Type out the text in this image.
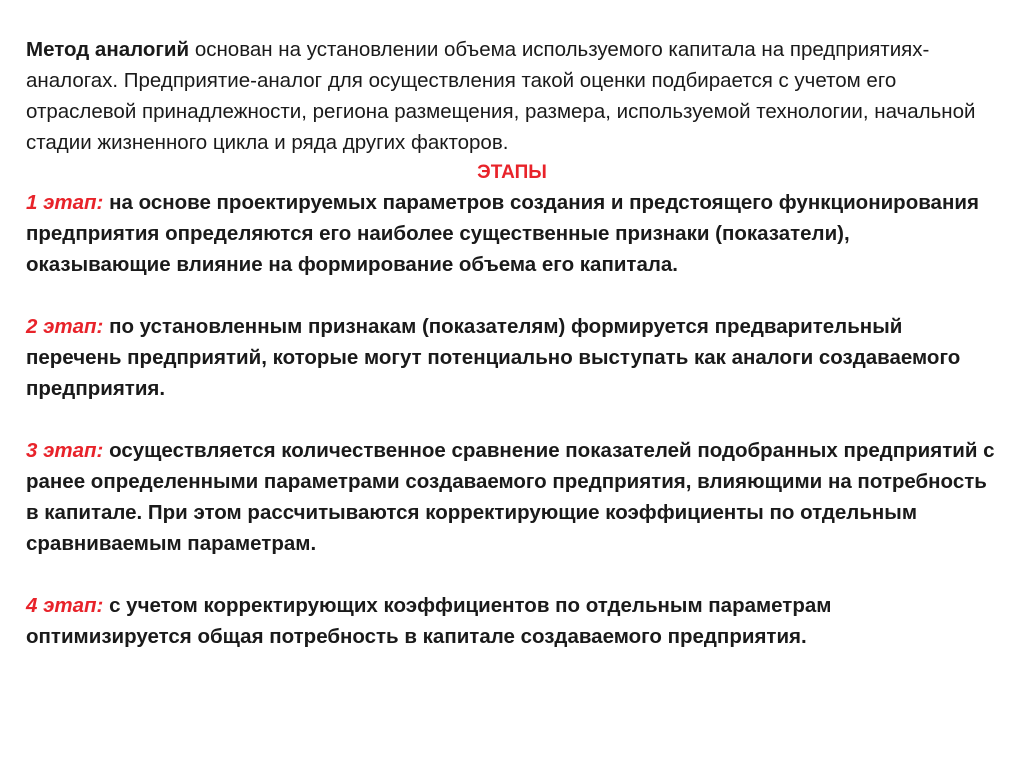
Метод аналогий основан на установлении объема используемого капитала на предприятиях-аналогах. Предприятие-аналог для осуществления такой оценки подбирается с учетом его отраслевой принадлежности, региона размещения, размера, используемой технологии, начальной стадии жизненного цикла и ряда других факторов.

ЭТАПЫ

1 этап: на основе проектируемых параметров создания и предстоящего функционирования предприятия определяются его наиболее существенные признаки (показатели), оказывающие влияние на формирование объема его капитала.

2 этап: по установленным признакам (показателям) формируется предварительный перечень предприятий, которые могут потенциально выступать как аналоги создаваемого предприятия.

3 этап: осуществляется количественное сравнение показателей подобранных предприятий с ранее определенными параметрами создаваемого предприятия, влияющими на потребность в капитале. При этом рассчитываются корректирующие коэффициенты по отдельным сравниваемым параметрам.

4 этап: с учетом корректирующих коэффициентов по отдельным параметрам оптимизируется общая потребность в капитале создаваемого предприятия.
